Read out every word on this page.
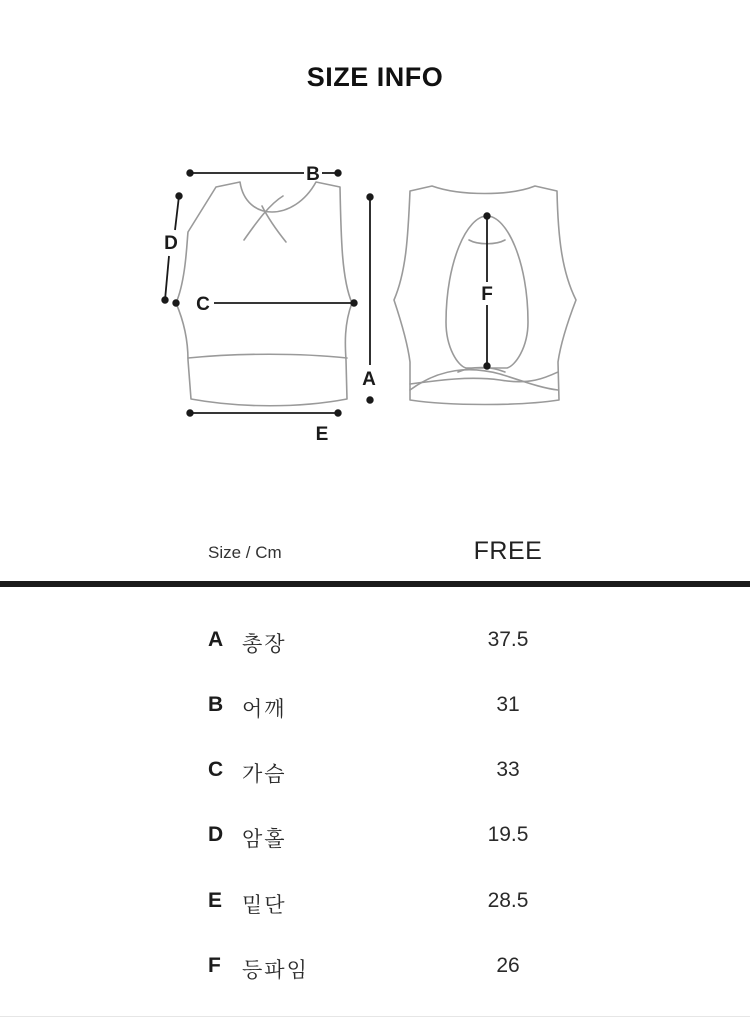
SIZE INFO
B
D
C
A
E
F
Size / Cm	FREE
A 총장	37.5
B 어깨	31
C 가슴	33
D 암홀	19.5
E 밑단	28.5
F 등파임	26
